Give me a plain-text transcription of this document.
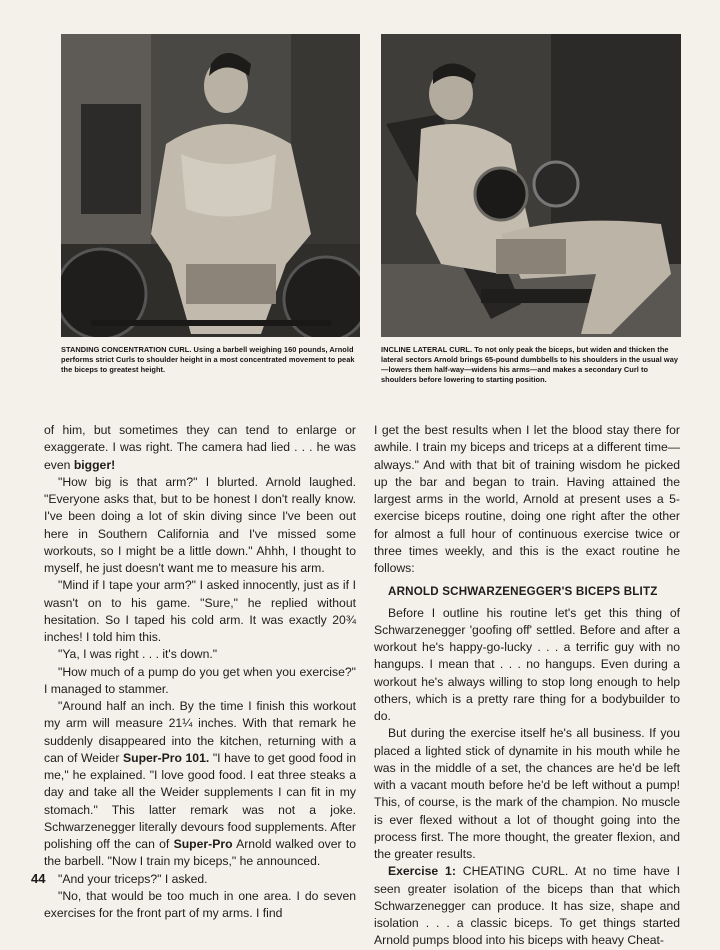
STANDING CONCENTRATION CURL. Using a barbell weighing 160 pounds, Arnold performs strict Curls to shoulder height in a most concentrated movement to peak the biceps to greatest height.
INCLINE LATERAL CURL. To not only peak the biceps, but widen and thicken the lateral sectors Arnold brings 65-pound dumbbells to his shoulders in the usual way—lowers them half-way—widens his arms—and makes a secondary Curl to shoulders before lowering to starting position.

of him, but sometimes they can tend to enlarge or exaggerate. I was right. The camera had lied . . . he was even bigger!

"How big is that arm?" I blurted. Arnold laughed. "Everyone asks that, but to be honest I don't really know. I've been doing a lot of skin diving since I've been out here in Southern California and I've missed some workouts, so I might be a little down." Ahhh, I thought to myself, he just doesn't want me to measure his arm.

"Mind if I tape your arm?" I asked innocently, just as if I wasn't on to his game. "Sure," he replied without hesitation. So I taped his cold arm. It was exactly 20¾ inches! I told him this.

"Ya, I was right . . . it's down."

"How much of a pump do you get when you exercise?" I managed to stammer.

"Around half an inch. By the time I finish this workout my arm will measure 21¼ inches. With that remark he suddenly disappeared into the kitchen, returning with a can of Weider Super-Pro 101. "I have to get good food in me," he explained. "I love good food. I eat three steaks a day and take all the Weider supplements I can fit in my stomach." This latter remark was not a joke. Schwarzenegger literally devours food supplements. After polishing off the can of Super-Pro Arnold walked over to the barbell. "Now I train my biceps," he announced.

"And your triceps?" I asked.

"No, that would be too much in one area. I do seven exercises for the front part of my arms. I find

I get the best results when I let the blood stay there for awhile. I train my biceps and triceps at a different time—always." And with that bit of training wisdom he picked up the bar and began to train. Having attained the largest arms in the world, Arnold at present uses a 5-exercise biceps routine, doing one right after the other for almost a full hour of continuous exercise twice or three times weekly, and this is the exact routine he follows:

ARNOLD SCHWARZENEGGER'S BICEPS BLITZ

Before I outline his routine let's get this thing of Schwarzenegger 'goofing off' settled. Before and after a workout he's happy-go-lucky . . . a terrific guy with no hangups. I mean that . . . no hangups. Even during a workout he's always willing to stop long enough to help others, which is a pretty rare thing for a bodybuilder to do.

But during the exercise itself he's all business. If you placed a lighted stick of dynamite in his mouth while he was in the middle of a set, the chances are he'd be left with a vacant mouth before he'd be left without a pump! This, of course, is the mark of the champion. No muscle is ever flexed without a lot of thought going into the process first. The more thought, the greater flexion, and the greater results.

Exercise 1: CHEATING CURL. At no time have I seen greater isolation of the biceps than that which Schwarzenegger can produce. It has size, shape and isolation . . . a classic biceps. To get things started Arnold pumps blood into his biceps with heavy Cheat-

44
